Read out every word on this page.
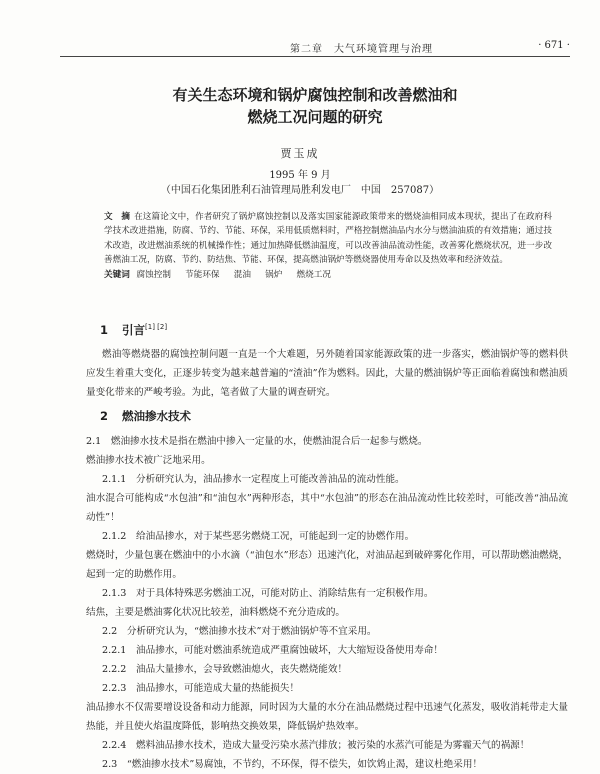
第二章　大气环境管理与治理	· 671 ·
有关生态环境和锅炉腐蚀控制和改善燃油和
燃烧工况问题的研究
贾玉成
1995 年 9 月
（中国石化集团胜利石油管理局胜利发电厂　中国　257087）
文　摘 在这篇论文中，作者研究了锅炉腐蚀控制以及落实国家能源政策带来的燃烧油相同成本现状，提出了在政府科学技术改进措施，防腐、节约、节能、环保，采用低质燃料时，严格控制燃油品内水分与燃油油质的有效措施；通过技术改造，改进燃油系统的机械操作性；通过加热降低燃油温度，可以改善油品流动性能，改善雾化燃烧状况，进一步改善燃油工况，防腐、节约、防结焦、节能、环保，提高燃油锅炉等燃烧器使用寿命以及热效率和经济效益。
关键词 腐蚀控制 节能环保 混油 锅炉 燃烧工况
1 引言[1] [2]

燃油等燃烧器的腐蚀控制问题一直是一个大难题，另外随着国家能源政策的进一步落实，燃油锅炉等的燃料供应发生着重大变化，正逐步转变为越来越普遍的“渣油”作为燃料。因此，大量的燃油锅炉等正面临着腐蚀和燃油质量变化带来的严峻考验。为此，笔者做了大量的调查研究。

2 燃油掺水技术

2.1　燃油掺水技术是指在燃油中掺入一定量的水，使燃油混合后一起参与燃烧。

燃油掺水技术被广泛地采用。

2.1.1　分析研究认为，油品掺水一定程度上可能改善油品的流动性能。

油水混合可能构成“水包油”和“油包水”两种形态，其中“水包油”的形态在油品流动性比较差时，可能改善“油品流动性”！

2.1.2　给油品掺水，对于某些恶劣燃烧工况，可能起到一定的协燃作用。

燃烧时，少量包裹在燃油中的小水滴（“油包水”形态）迅速汽化，对油品起到破碎雾化作用，可以帮助燃油燃烧，起到一定的助燃作用。

2.1.3　对于具体特殊恶劣燃油工况，可能对防止、消除结焦有一定积极作用。

结焦，主要是燃油雾化状况比较差，油料燃烧不充分造成的。

2.2　分析研究认为，“燃油掺水技术”对于燃油锅炉等不宜采用。

2.2.1　油品掺水，可能对燃油系统造成严重腐蚀破坏，大大缩短设备使用寿命！

2.2.2　油品大量掺水，会导致燃油熄火，丧失燃烧能效！

2.2.3　油品掺水，可能造成大量的热能损失！

油品掺水不仅需要增设设备和动力能源，同时因为大量的水分在油品燃烧过程中迅速气化蒸发，吸收消耗带走大量热能，并且使火焰温度降低，影响热交换效果，降低锅炉热效率。

2.2.4　燃料油品掺水技术，造成大量受污染水蒸汽排放；被污染的水蒸汽可能是为雾霾天气的祸源！

2.3　“燃油掺水技术”易腐蚀，不节约，不环保，得不偿失，如饮鸩止渴，建议杜绝采用！
